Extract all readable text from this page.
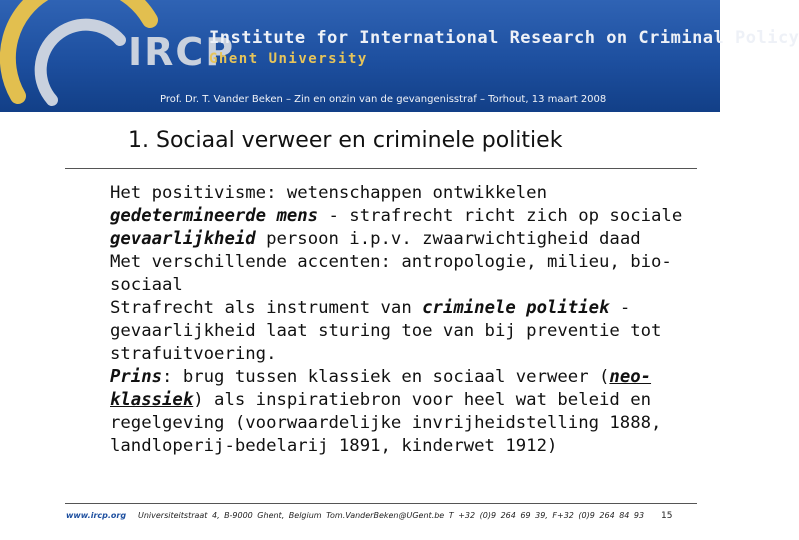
IRCP
Institute for International Research on Criminal Policy
Ghent University
Prof. Dr. T. Vander Beken – Zin en onzin van de gevangenisstraf – Torhout, 13 maart 2008
1. Sociaal verweer en criminele politiek

Het positivisme: wetenschappen ontwikkelen gedetermineerde mens - strafrecht richt zich op sociale gevaarlijkheid persoon i.p.v. zwaarwichtigheid daad

Met verschillende accenten: antropologie, milieu, bio-sociaal

Strafrecht als instrument van criminele politiek - gevaarlijkheid laat sturing toe van bij preventie tot strafuitvoering.

Prins: brug tussen klassiek en sociaal verweer (neo-klassiek) als inspiratiebron voor heel wat beleid en regelgeving (voorwaardelijke invrijheidstelling 1888, landloperij-bedelarij 1891, kinderwet 1912)

www.ircp.org Universiteitstraat 4, B-9000 Ghent, Belgium Tom.VanderBeken@UGent.be T +32 (0)9 264 69 39, F+32 (0)9 264 84 93 15
